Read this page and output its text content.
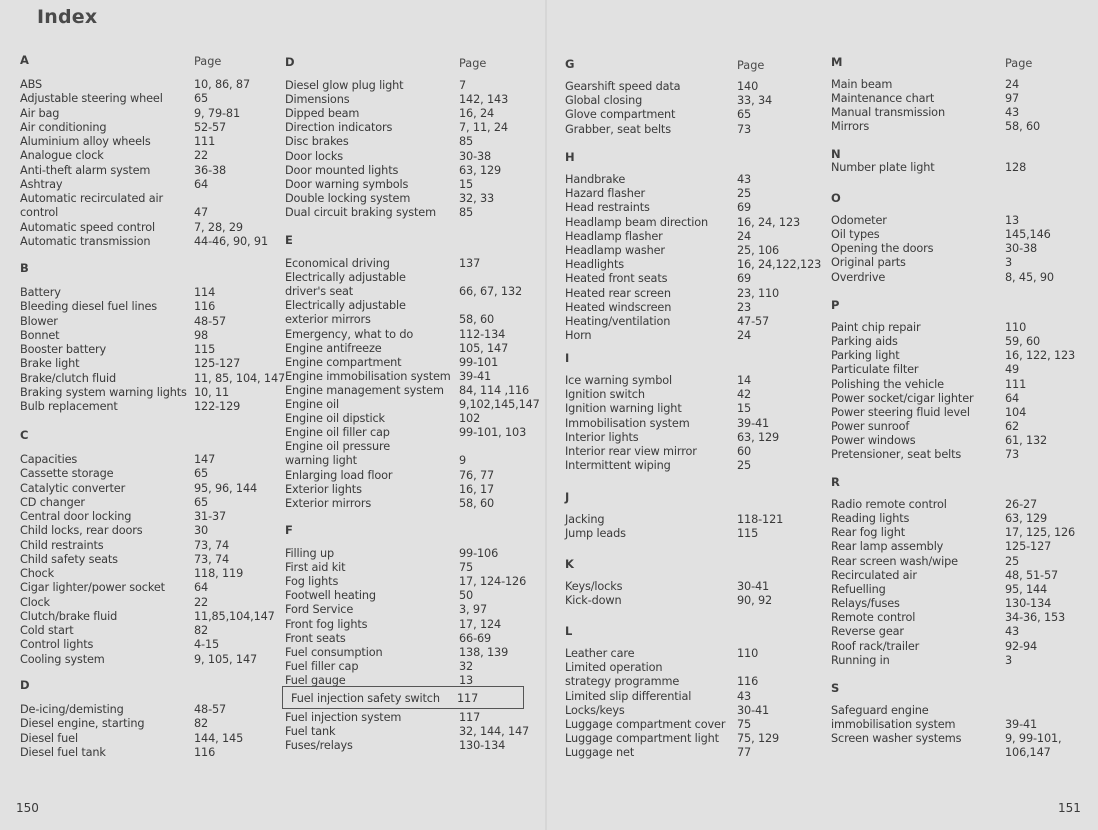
Index
A	Page
ABS	10, 86, 87
Adjustable steering wheel	65
Air bag	9, 79-81
Air conditioning	52-57
Aluminium alloy wheels	111
Analogue clock	22
Anti-theft alarm system	36-38
Ashtray	64
Automatic recirculated air
control	47
Automatic speed control	7, 28, 29
Automatic transmission	44-46, 90, 91
B
Battery	114
Bleeding diesel fuel lines	116
Blower	48-57
Bonnet	98
Booster battery	115
Brake light	125-127
Brake/clutch fluid	11, 85, 104, 147
Braking system warning lights 10, 11
Bulb replacement	122-129
C
Capacities	147
Cassette storage	65
Catalytic converter	95, 96, 144
CD changer	65
Central door locking	31-37
Child locks, rear doors	30
Child restraints	73, 74
Child safety seats	73, 74
Chock	118, 119
Cigar lighter/power socket	64
Clock	22
Clutch/brake fluid	11,85,104,147
Cold start	82
Control lights	4-15
Cooling system	9, 105, 147
D
De-icing/demisting	48-57
Diesel engine, starting	82
Diesel fuel	144, 145
Diesel fuel tank	116
D	Page
Diesel glow plug light	7
Dimensions	142, 143
Dipped beam	16, 24
Direction indicators	7, 11, 24
Disc brakes	85
Door locks	30-38
Door mounted lights	63, 129
Door warning symbols	15
Double locking system	32, 33
Dual circuit braking system 85
E
Economical driving	137
Electrically adjustable
driver's seat	66, 67, 132
Electrically adjustable
exterior mirrors	58, 60
Emergency, what to do	112-134
Engine antifreeze	105, 147
Engine compartment	99-101
Engine immobilisation system 39-41
Engine management system 84, 114 ,116
Engine oil	9,102,145,147
Engine oil dipstick	102
Engine oil filler cap	99-101, 103
Engine oil pressure
warning light	9
Enlarging load floor	76, 77
Exterior lights	16, 17
Exterior mirrors	58, 60
F
Filling up	99-106
First aid kit	75
Fog lights	17, 124-126
Footwell heating	50
Ford Service	3, 97
Front fog lights	17, 124
Front seats	66-69
Fuel consumption	138, 139
Fuel filler cap	32
Fuel gauge	13
Fuel injection safety switch 117
Fuel injection system	117
Fuel tank	32, 144, 147
Fuses/relays	130-134
G	Page
Gearshift speed data	140
Global closing	33, 34
Glove compartment	65
Grabber, seat belts	73
H
Handbrake	43
Hazard flasher	25
Head restraints	69
Headlamp beam direction	16, 24, 123
Headlamp flasher	24
Headlamp washer	25, 106
Headlights	16, 24,122,123
Heated front seats	69
Heated rear screen	23, 110
Heated windscreen	23
Heating/ventilation	47-57
Horn	24
I
Ice warning symbol	14
Ignition switch	42
Ignition warning light	15
Immobilisation system	39-41
Interior lights	63, 129
Interior rear view mirror	60
Intermittent wiping	25
J
Jacking	118-121
Jump leads	115
K
Keys/locks	30-41
Kick-down	90, 92
L
Leather care	110
Limited operation
strategy programme	116
Limited slip differential	43
Locks/keys	30-41
Luggage compartment cover 75
Luggage compartment light 75, 129
Luggage net	77
M	Page
Main beam	24
Maintenance chart	97
Manual transmission	43
Mirrors	58, 60
N
Number plate light	128
O
Odometer	13
Oil types	145,146
Opening the doors	30-38
Original parts	3
Overdrive	8, 45, 90
P
Paint chip repair	110
Parking aids	59, 60
Parking light	16, 122, 123
Particulate filter	49
Polishing the vehicle	111
Power socket/cigar lighter	64
Power steering fluid level	104
Power sunroof	62
Power windows	61, 132
Pretensioner, seat belts	73
R
Radio remote control	26-27
Reading lights	63, 129
Rear fog light	17, 125, 126
Rear lamp assembly	125-127
Rear screen wash/wipe	25
Recirculated air	48, 51-57
Refuelling	95, 144
Relays/fuses	130-134
Remote control	34-36, 153
Reverse gear	43
Roof rack/trailer	92-94
Running in	3
S
Safeguard engine
immobilisation system	39-41
Screen washer systems	9, 99-101,
106,147
150	151
